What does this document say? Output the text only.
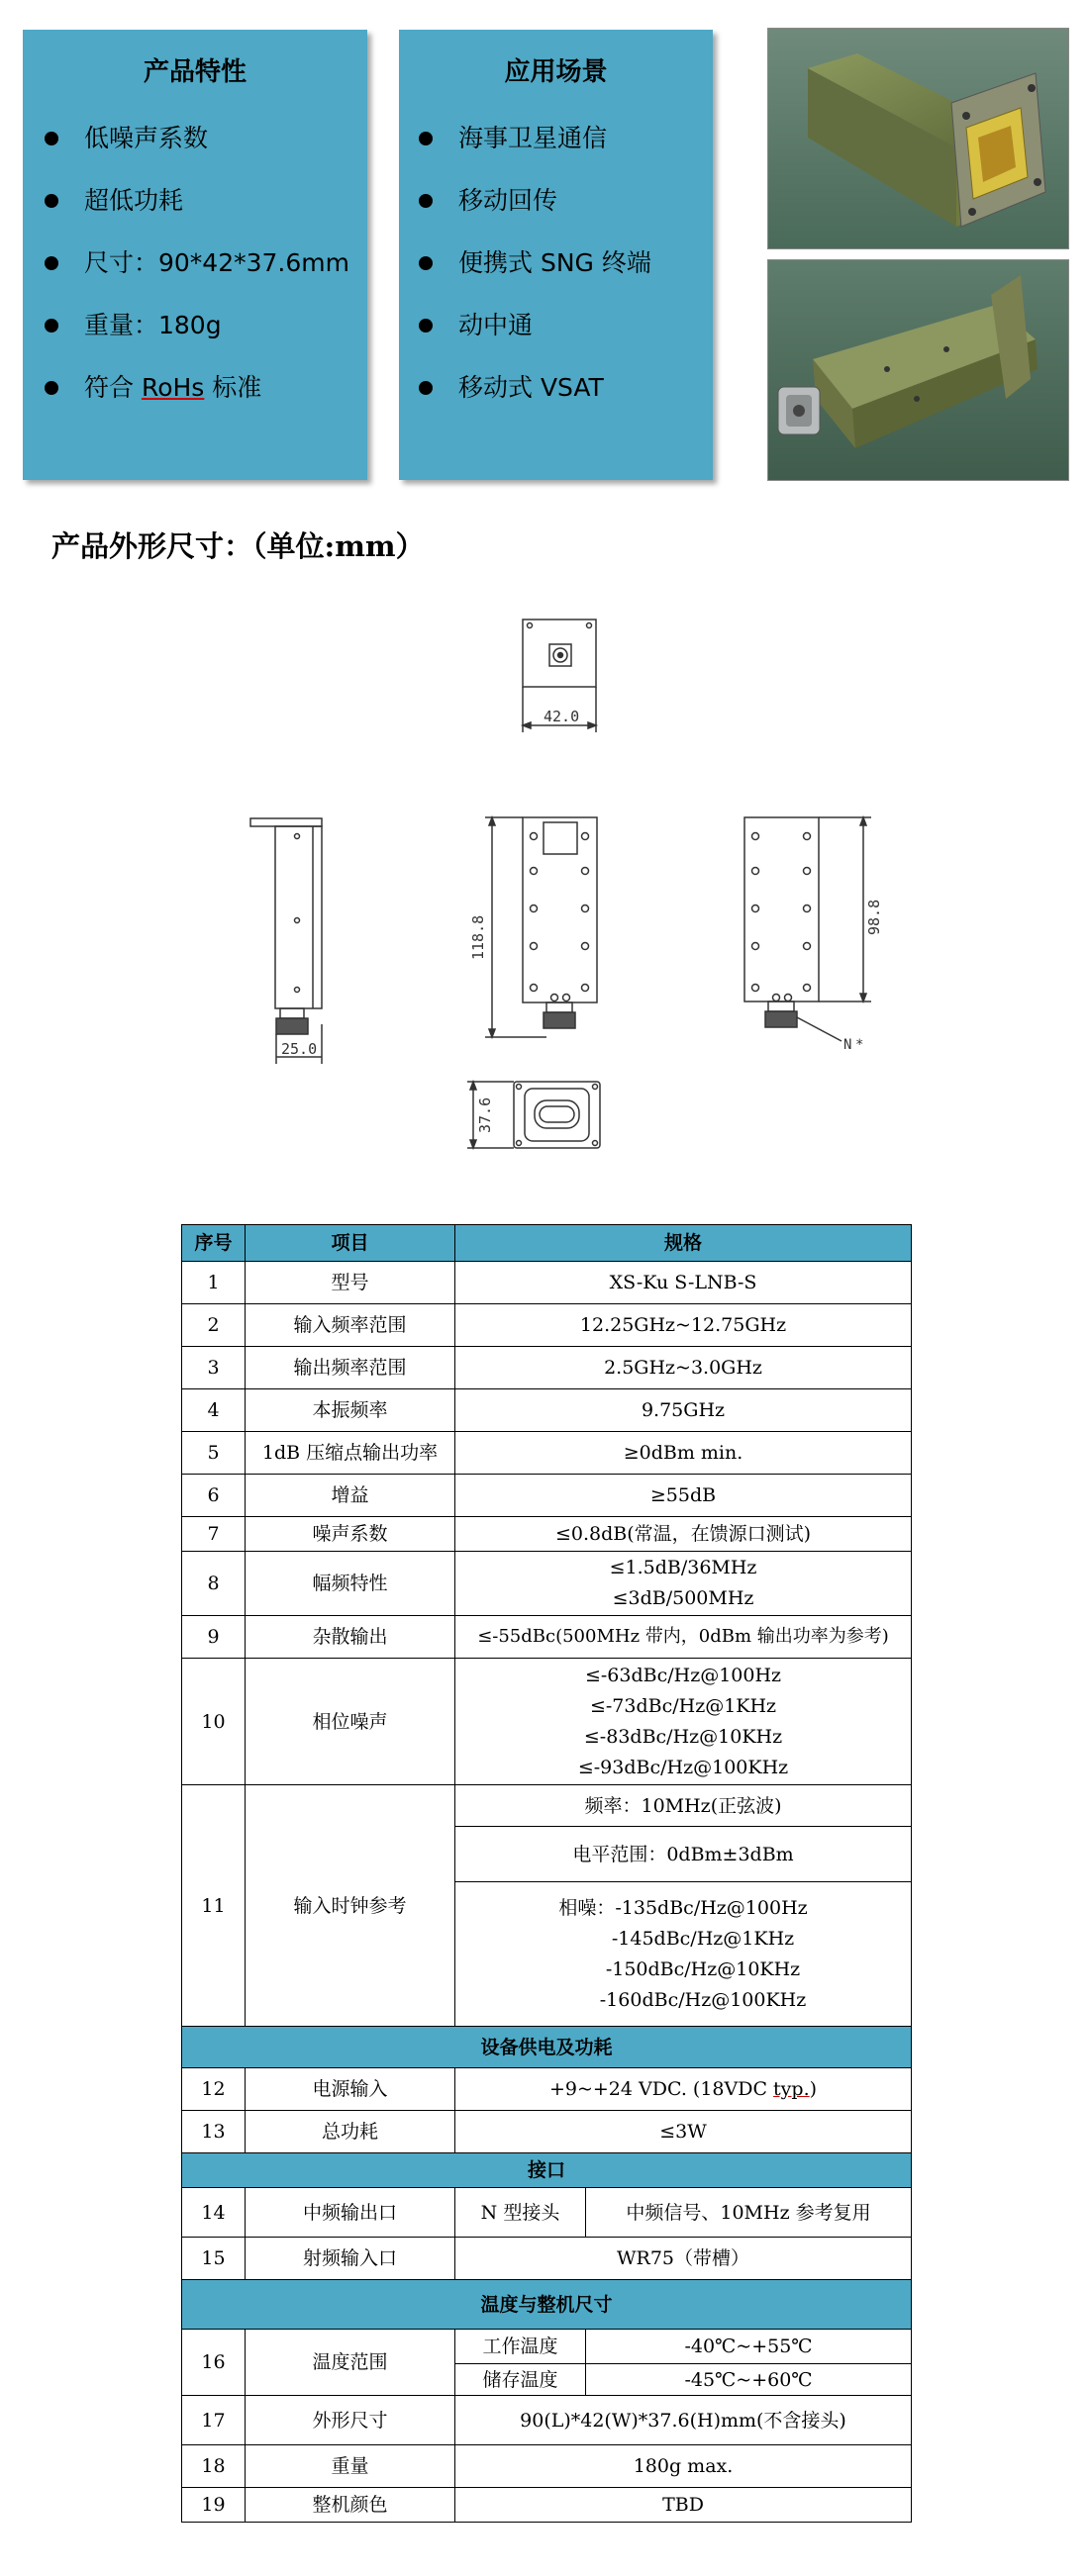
产品特性
低噪声系数
超低功耗
尺寸：90*42*37.6mm
重量：180g
符合 RoHs 标准
应用场景
海事卫星通信
移动回传
便携式 SNG 终端
动中通
移动式 VSAT
产品外形尺寸：（单位:mm）
42.0
25.0
118.8	98.8
N *
37.6
序号	项目	规格	
1	型号	XS-Ku S-LNB-S	
2	输入频率范围	12.25GHz~12.75GHz	
3	输出频率范围	2.5GHz~3.0GHz	
4	本振频率	9.75GHz	
5	1dB 压缩点输出功率	≥0dBm min.	
6	增益	≥55dB	
7	噪声系数	≤0.8dB(常温，在馈源口测试)	
8	幅频特性	≤1.5dB/36MHz
≤3dB/500MHz	

9	杂散输出	≤-55dBc(500MHz 带内，0dBm 输出功率为参考)	
10	相位噪声	≤-63dBc/Hz@100Hz
≤-73dBc/Hz@1KHz
≤-83dBc/Hz@10KHz
≤-93dBc/Hz@100KHz	

11	输入时钟参考	频率：10MHz(正弦波)	
		电平范围：0dBm±3dBm	

		相噪：-135dBc/Hz@100Hz
-145dBc/Hz@1KHz
-150dBc/Hz@10KHz
-160dBc/Hz@100KHz	

设备供电及功耗			
12	电源输入	+9~+24 VDC. (18VDC typ.)	
13	总功耗	≤3W	
接口			
14	中频输出口	N 型接头	中频信号、10MHz 参考复用
15	射频输入口	WR75（带槽）	
温度与整机尺寸			
16	温度范围	工作温度	-40℃~+55℃
		储存温度	-45℃~+60℃
17	外形尺寸	90(L)*42(W)*37.6(H)mm(不含接头)	
18	重量	180g max.	
19	整机颜色	TBD	
